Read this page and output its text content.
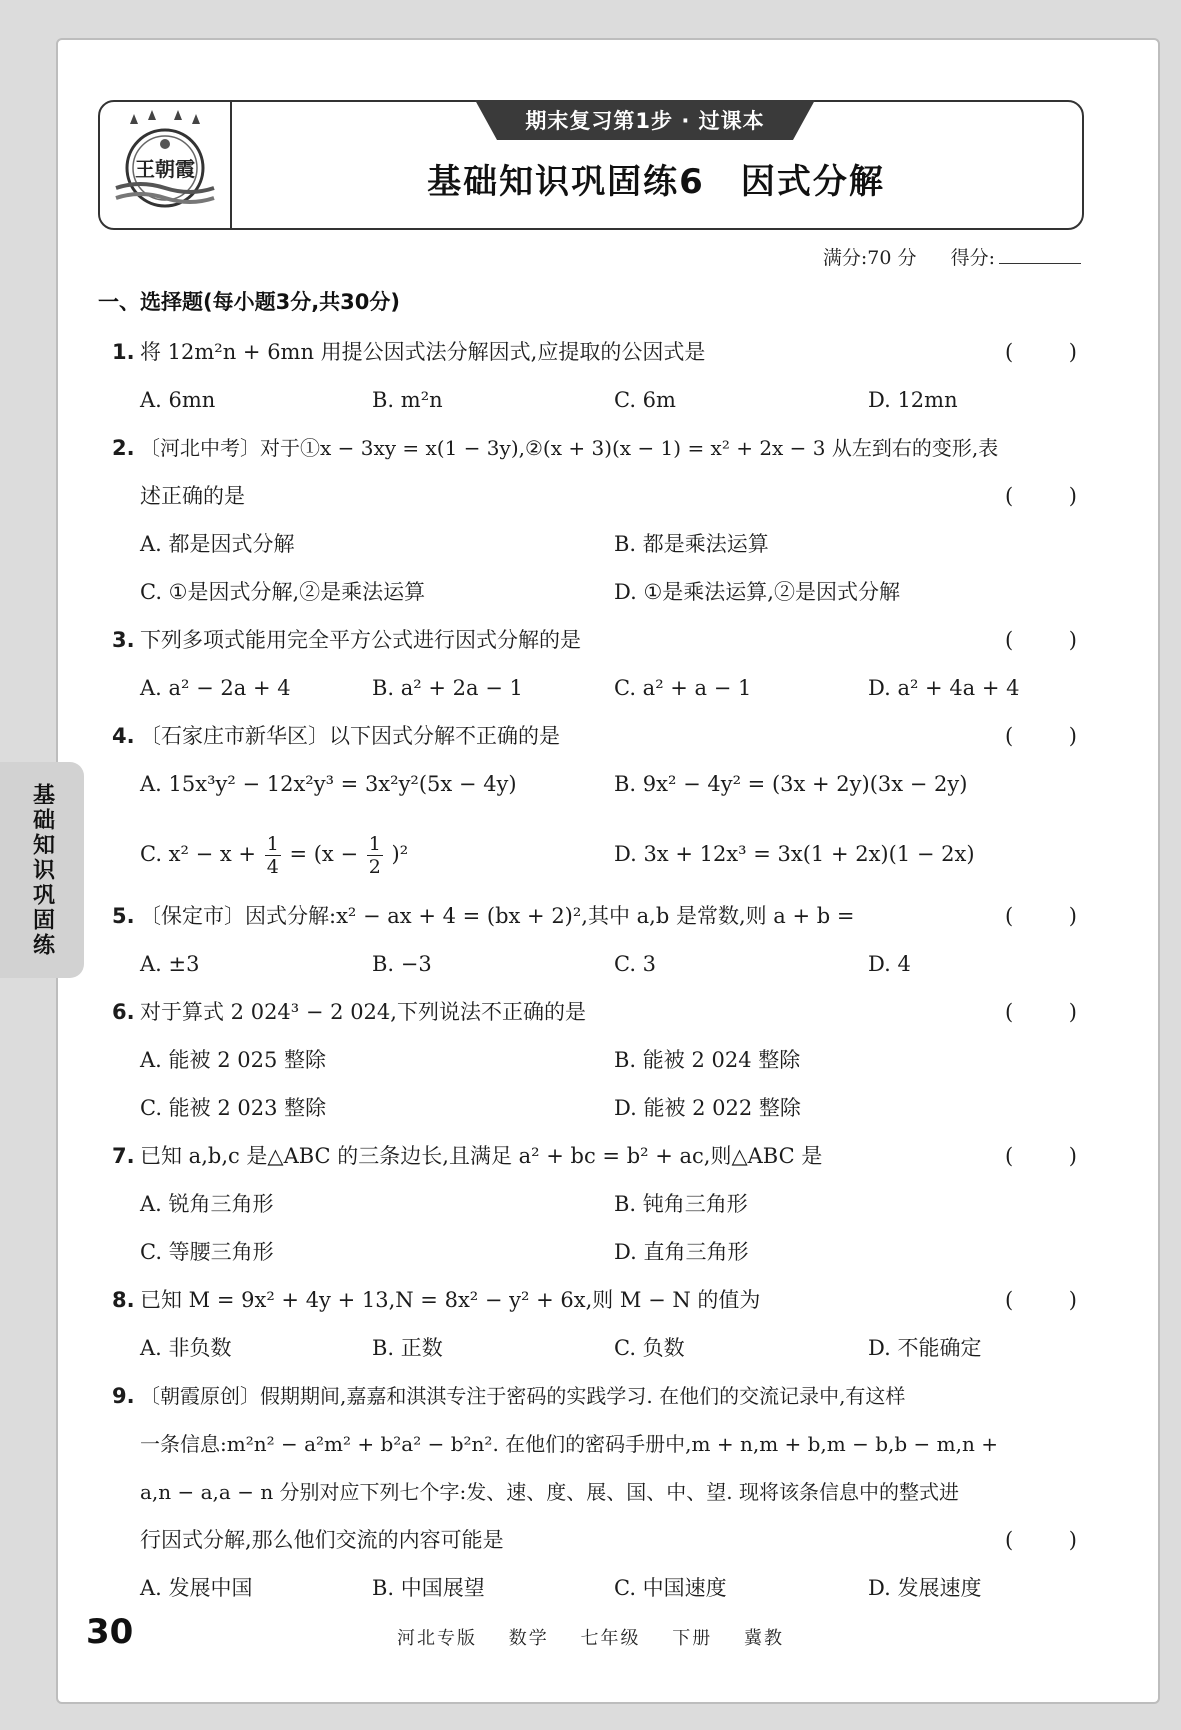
王朝霞
期末复习第1步 · 过课本
基础知识巩固练6　因式分解
满分:70 分 得分:
一、选择题(每小题3分,共30分)
1. 将 12m²n + 6mn 用提公因式法分解因式,应提取的公因式是	(	)
A. 6mn	B. m²n	C. 6m	D. 12mn
2. 〔河北中考〕对于①x − 3xy = x(1 − 3y),②(x + 3)(x − 1) = x² + 2x − 3 从左到右的变形,表
述正确的是	(	)
A. 都是因式分解	B. 都是乘法运算
C. ①是因式分解,②是乘法运算	D. ①是乘法运算,②是因式分解
3. 下列多项式能用完全平方公式进行因式分解的是	(	)
A. a² − 2a + 4	B. a² + 2a − 1	C. a² + a − 1	D. a² + 4a + 4
4. 〔石家庄市新华区〕以下因式分解不正确的是	(	)
A. 15x³y² − 12x²y³ = 3x²y²(5x − 4y)	B. 9x² − 4y² = (3x + 2y)(3x − 2y)
C. $x^2 - x + \frac{1}{4} = (x - \frac{1}{2} )^2$	D. 3x + 12x³ = 3x(1 + 2x)(1 − 2x)
5. 〔保定市〕因式分解:x² − ax + 4 = (bx + 2)²,其中 a,b 是常数,则 a + b =	(	)
A. ±3	B. −3	C. 3	D. 4
6. 对于算式 2 024³ − 2 024,下列说法不正确的是	(	)
A. 能被 2 025 整除	B. 能被 2 024 整除
C. 能被 2 023 整除	D. 能被 2 022 整除
7. 已知 a,b,c 是△ABC 的三条边长,且满足 a² + bc = b² + ac,则△ABC 是	(	)
A. 锐角三角形	B. 钝角三角形
C. 等腰三角形	D. 直角三角形
8. 已知 M = 9x² + 4y + 13,N = 8x² − y² + 6x,则 M − N 的值为	(	)
A. 非负数	B. 正数	C. 负数	D. 不能确定
9. 〔朝霞原创〕假期期间,嘉嘉和淇淇专注于密码的实践学习. 在他们的交流记录中,有这样
一条信息:m²n² − a²m² + b²a² − b²n². 在他们的密码手册中,m + n,m + b,m − b,b − m,n +
a,n − a,a − n 分别对应下列七个字:发、速、度、展、国、中、望. 现将该条信息中的整式进
行因式分解,那么他们交流的内容可能是	(	)
A. 发展中国	B. 中国展望	C. 中国速度	D. 发展速度
基础知识巩固练
30	河北专版 数学 七年级 下册 冀教
